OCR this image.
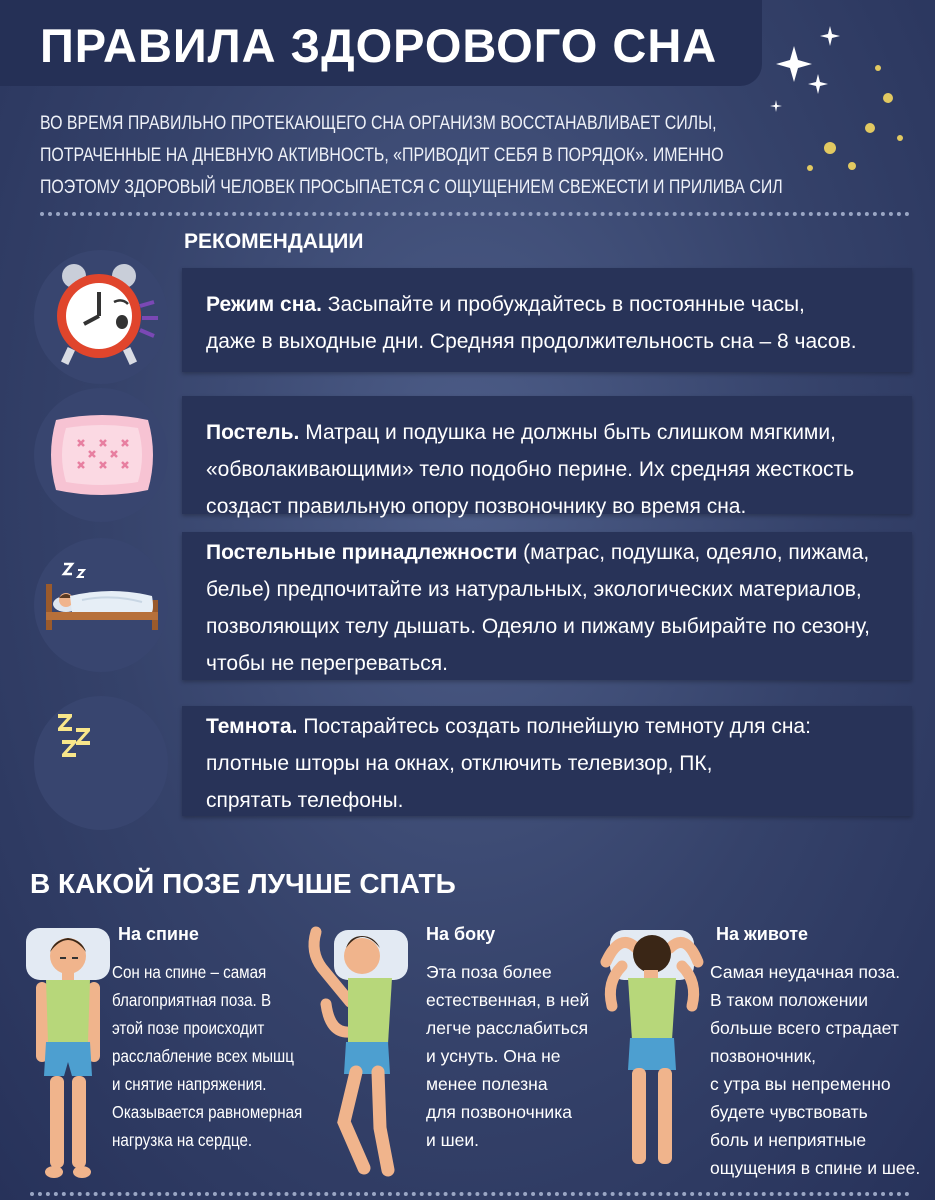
ПРАВИЛА ЗДОРОВОГО СНА
ВО ВРЕМЯ ПРАВИЛЬНО ПРОТЕКАЮЩЕГО СНА ОРГАНИЗМ ВОССТАНАВЛИВАЕТ СИЛЫ,
ПОТРАЧЕННЫЕ НА ДНЕВНУЮ АКТИВНОСТЬ, «ПРИВОДИТ СЕБЯ В ПОРЯДОК». ИМЕННО
ПОЭТОМУ ЗДОРОВЫЙ ЧЕЛОВЕК ПРОСЫПАЕТСЯ С ОЩУЩЕНИЕМ СВЕЖЕСТИ И ПРИЛИВА СИЛ
РЕКОМЕНДАЦИИ
Режим сна. Засыпайте и пробуждайтесь в постоянные часы,
даже в выходные дни. Средняя продолжительность сна – 8 часов.
Постель. Матрац и подушка не должны быть слишком мягкими,
«обволакивающими» тело подобно перине. Их средняя жесткость
создаст правильную опору позвоночнику во время сна.
Постельные принадлежности (матрас, подушка, одеяло, пижама,
белье) предпочитайте из натуральных, экологических материалов,
позволяющих телу дышать. Одеяло и пижаму выбирайте по сезону,
чтобы не перегреваться.
Темнота. Постарайтесь создать полнейшую темноту для сна:
плотные шторы на окнах, отключить телевизор, ПК,
спрятать телефоны.
В КАКОЙ ПОЗЕ ЛУЧШЕ СПАТЬ
На спине
Сон на спине – самая
благоприятная поза. В
этой позе происходит
расслабление всех мышц
и снятие напряжения.
Оказывается равномерная
нагрузка на сердце.
На боку
Эта поза более
естественная, в ней
легче расслабиться
и уснуть. Она не
менее полезна
для позвоночника
и шеи.
На животе
Самая неудачная поза.
В таком положении
больше всего страдает
позвоночник,
с утра вы непременно
будете чувствовать
боль и неприятные
ощущения в спине и шее.
